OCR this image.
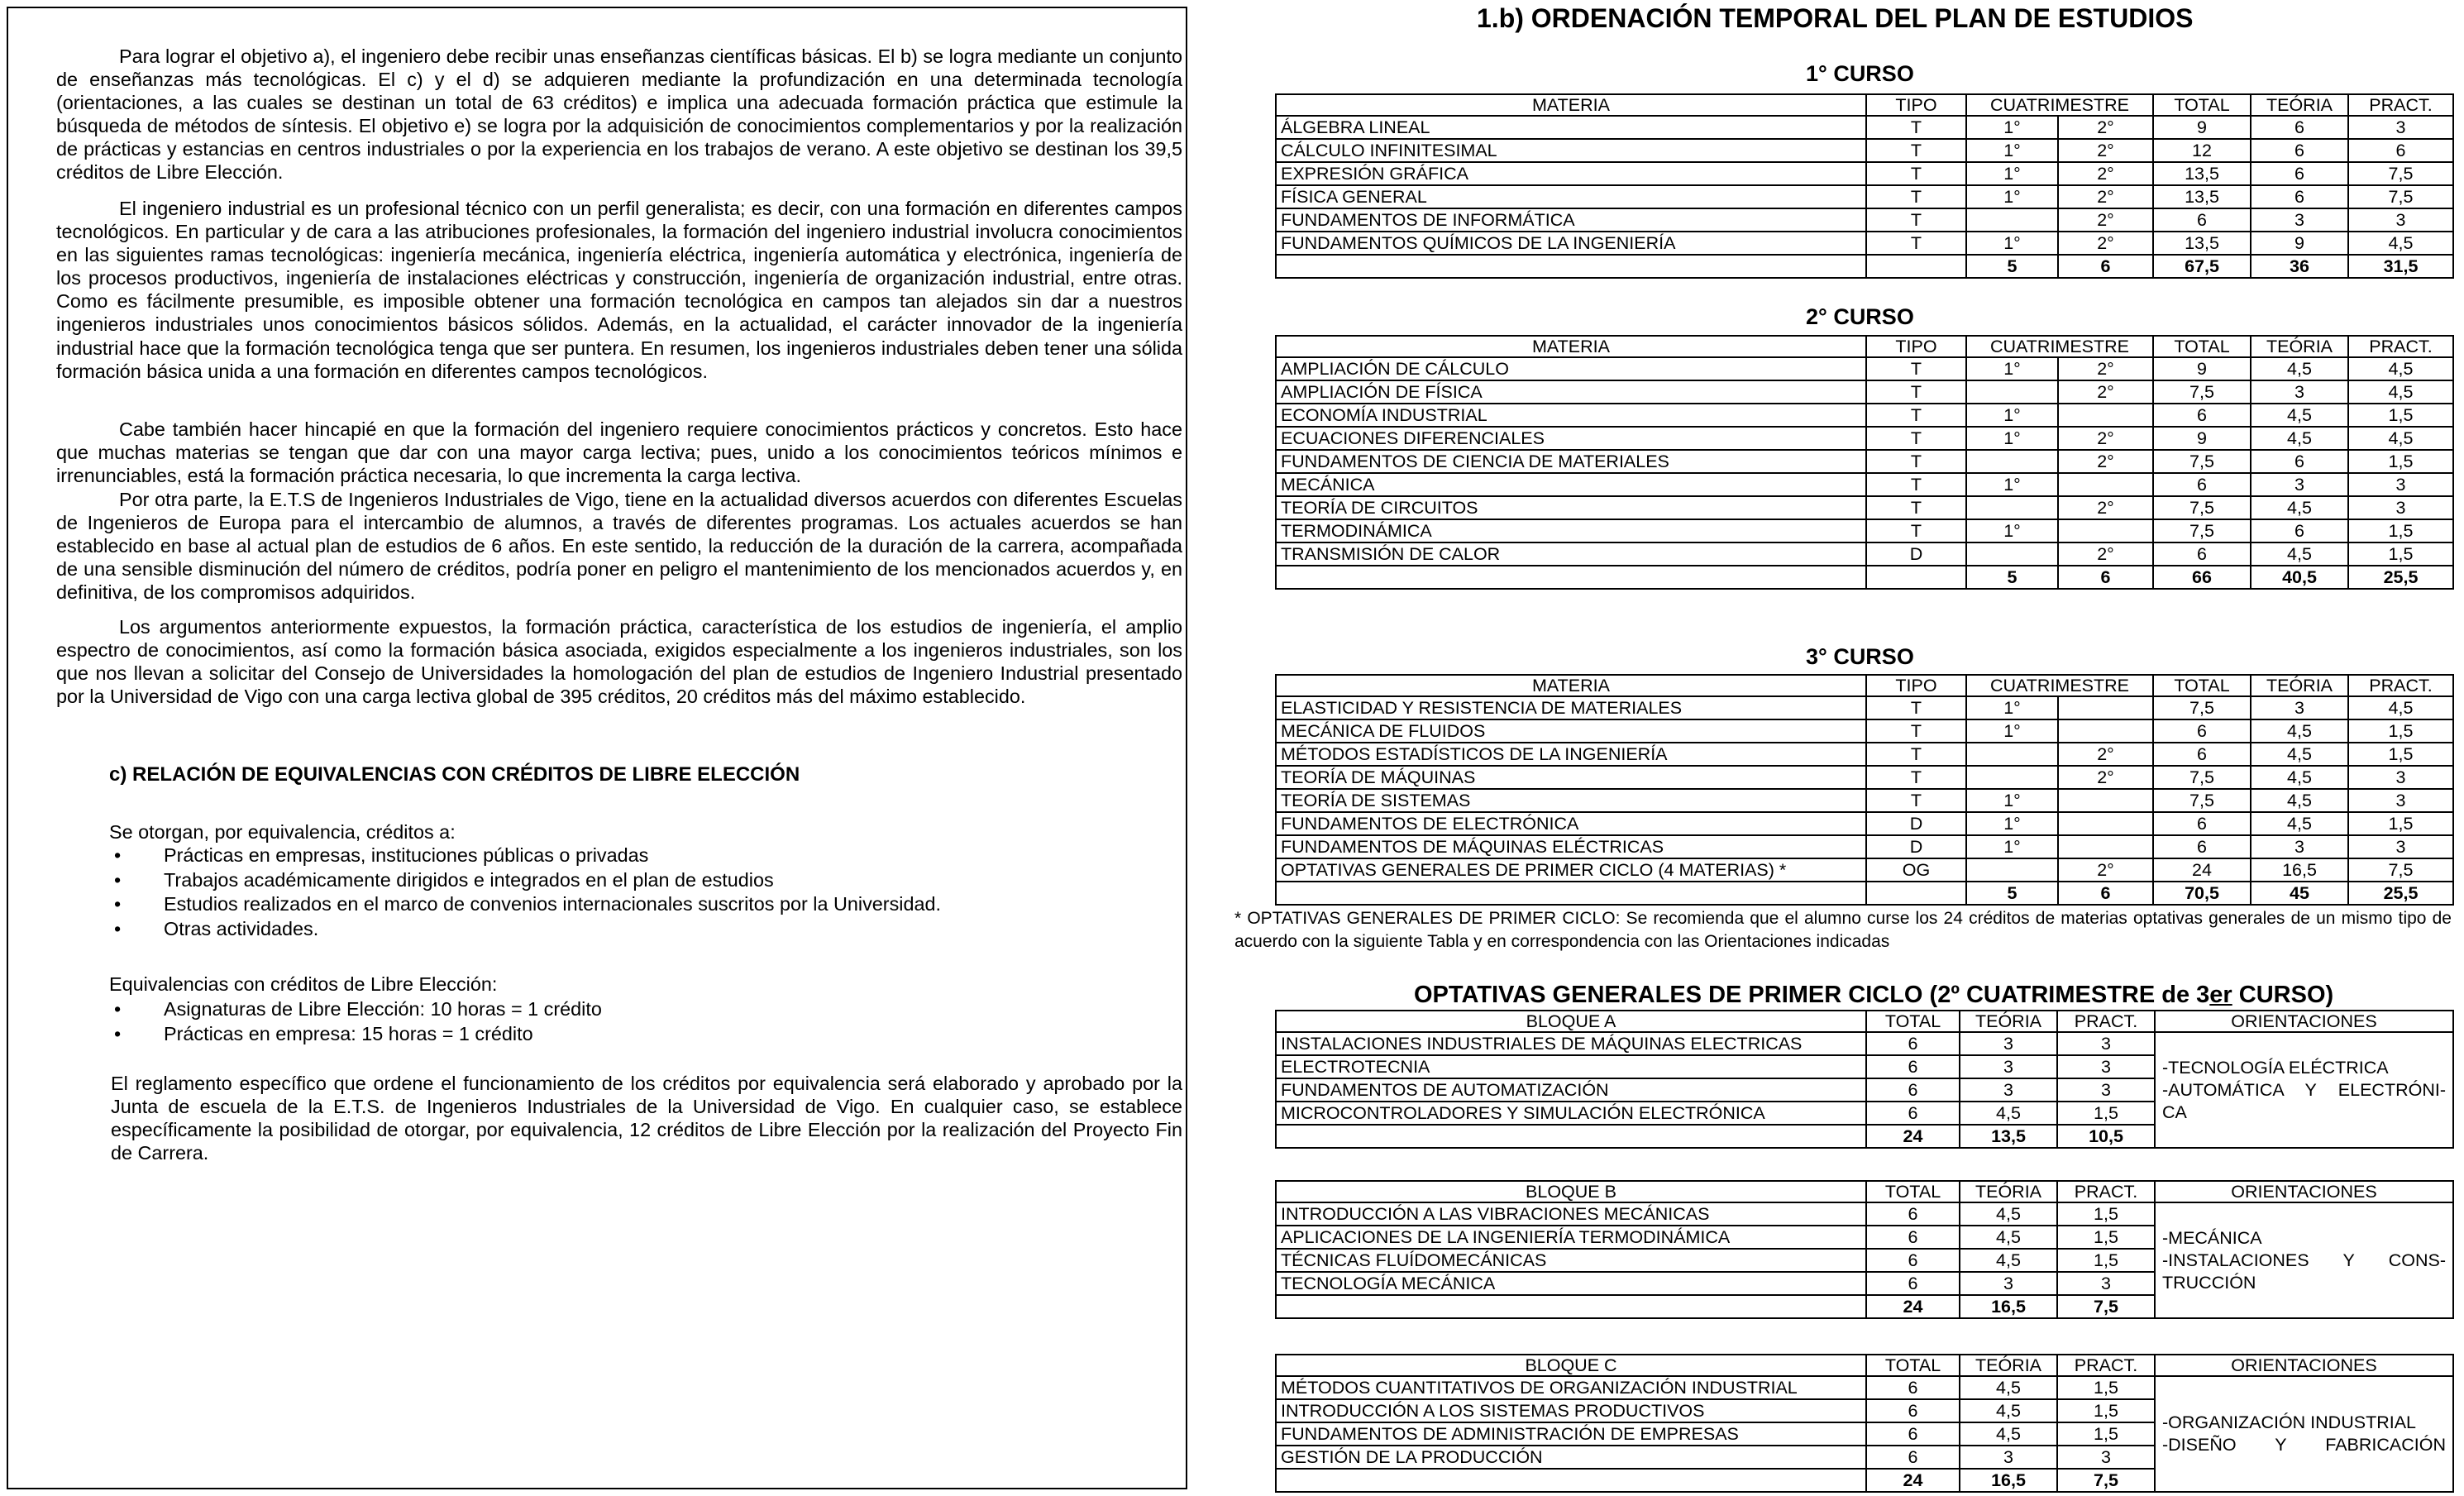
Para lograr el objetivo a), el ingeniero debe recibir unas enseñanzas científicas básicas. El b) se logra mediante un conjunto de enseñanzas más tecnológicas. El c) y el d) se adquieren mediante la profundización en una determinada tecnología (orientaciones, a las cuales se destinan un total de 63 créditos) e implica una adecuada formación práctica que estimule la búsqueda de métodos de síntesis. El objetivo e) se logra por la adquisición de conocimientos complementarios y por la realización de prácticas y estancias en centros industriales o por la experiencia en los trabajos de verano. A este objetivo se destinan los 39,5 créditos de Libre Elección.

El ingeniero industrial es un profesional técnico con un perfil generalista; es decir, con una formación en diferentes campos tecnológicos. En particular y de cara a las atribuciones profesionales, la formación del ingeniero industrial involucra conocimientos en las siguientes ramas tecnológicas: ingeniería mecánica, ingeniería eléctrica, ingeniería automática y electrónica, ingeniería de los procesos productivos, ingeniería de instalaciones eléctricas y construcción, ingeniería de organización industrial, entre otras. Como es fácilmente presumible, es imposible obtener una formación tecnológica en campos tan alejados sin dar a nuestros ingenieros industriales unos conocimientos básicos sólidos. Además, en la actualidad, el carácter innovador de la ingeniería industrial hace que la formación tecnológica tenga que ser puntera. En resumen, los ingenieros industriales deben tener una sólida formación básica unida a una formación en diferentes campos tecnológicos.

Cabe también hacer hincapié en que la formación del ingeniero requiere conocimientos prácticos y concretos. Esto hace que muchas materias se tengan que dar con una mayor carga lectiva; pues, unido a los conocimientos teóricos mínimos e irrenunciables, está la formación práctica necesaria, lo que incrementa la carga lectiva.

Por otra parte, la E.T.S de Ingenieros Industriales de Vigo, tiene en la actualidad diversos acuerdos con diferentes Escuelas de Ingenieros de Europa para el intercambio de alumnos, a través de diferentes programas. Los actuales acuerdos se han establecido en base al actual plan de estudios de 6 años. En este sentido, la reducción de la duración de la carrera, acompañada de una sensible disminución del número de créditos, podría poner en peligro el mantenimiento de los mencionados acuerdos y, en definitiva, de los compromisos adquiridos.

Los argumentos anteriormente expuestos, la formación práctica, característica de los estudios de ingeniería, el amplio espectro de conocimientos, así como la formación básica asociada, exigidos especialmente a los ingenieros industriales, son los que nos llevan a solicitar del Consejo de Universidades la homologación del plan de estudios de Ingeniero Industrial presentado por la Universidad de Vigo con una carga lectiva global de 395 créditos, 20 créditos más del máximo establecido.

c) RELACIÓN DE EQUIVALENCIAS CON CRÉDITOS DE LIBRE ELECCIÓN

Se otorgan, por equivalencia, créditos a:

• Prácticas en empresas, instituciones públicas o privadas
• Trabajos académicamente dirigidos e integrados en el plan de estudios
• Estudios realizados en el marco de convenios internacionales suscritos por la Universidad.
• Otras actividades.

Equivalencias con créditos de Libre Elección:

• Asignaturas de Libre Elección: 10 horas = 1 crédito
• Prácticas en empresa: 15 horas = 1 crédito

El reglamento específico que ordene el funcionamiento de los créditos por equivalencia será elaborado y aprobado por la Junta de escuela de la E.T.S. de Ingenieros Industriales de la Universidad de Vigo. En cualquier caso, se establece específicamente la posibilidad de otorgar, por equivalencia, 12 créditos de Libre Elección por la realización del Proyecto Fin de Carrera.

1.b) ORDENACIÓN TEMPORAL DEL PLAN DE ESTUDIOS

1° CURSO

MATERIA	TIPO	CUATRIMESTRE		TOTAL	TEÓRIA	PRACT.
ÁLGEBRA LINEAL	T	1°	2°	9	6	3
CÁLCULO INFINITESIMAL	T	1°	2°	12	6	6
EXPRESIÓN GRÁFICA	T	1°	2°	13,5	6	7,5
FÍSICA GENERAL	T	1°	2°	13,5	6	7,5
FUNDAMENTOS DE INFORMÁTICA	T		2°	6	3	3
FUNDAMENTOS QUÍMICOS DE LA INGENIERÍA	T	1°	2°	13,5	9	4,5
		5	6	67,5	36	31,5

2° CURSO

MATERIA	TIPO	CUATRIMESTRE		TOTAL	TEÓRIA	PRACT.
AMPLIACIÓN DE CÁLCULO	T	1°	2°	9	4,5	4,5
AMPLIACIÓN DE FÍSICA	T		2°	7,5	3	4,5
ECONOMÍA INDUSTRIAL	T	1°		6	4,5	1,5
ECUACIONES DIFERENCIALES	T	1°	2°	9	4,5	4,5
FUNDAMENTOS DE CIENCIA DE MATERIALES	T		2°	7,5	6	1,5
MECÁNICA	T	1°		6	3	3
TEORÍA DE CIRCUITOS	T		2°	7,5	4,5	3
TERMODINÁMICA	T	1°		7,5	6	1,5
TRANSMISIÓN DE CALOR	D		2°	6	4,5	1,5
		5	6	66	40,5	25,5

3° CURSO

MATERIA	TIPO	CUATRIMESTRE		TOTAL	TEÓRIA	PRACT.
ELASTICIDAD Y RESISTENCIA DE MATERIALES	T	1°		7,5	3	4,5
MECÁNICA DE FLUIDOS	T	1°		6	4,5	1,5
MÉTODOS ESTADÍSTICOS DE LA INGENIERÍA	T		2°	6	4,5	1,5
TEORÍA DE MÁQUINAS	T		2°	7,5	4,5	3
TEORÍA DE SISTEMAS	T	1°		7,5	4,5	3
FUNDAMENTOS DE ELECTRÓNICA	D	1°		6	4,5	1,5
FUNDAMENTOS DE MÁQUINAS ELÉCTRICAS	D	1°		6	3	3
OPTATIVAS GENERALES DE PRIMER CICLO (4 MATERIAS) *	OG		2°	24	16,5	7,5
		5	6	70,5	45	25,5

* OPTATIVAS GENERALES DE PRIMER CICLO: Se recomienda que el alumno curse los 24 créditos de materias optativas generales de un mismo tipo de acuerdo con la siguiente Tabla y en correspondencia con las Orientaciones indicadas

OPTATIVAS GENERALES DE PRIMER CICLO (2º CUATRIMESTRE de 3er CURSO)

BLOQUE A	TOTAL	TEÓRIA	PRACT.	ORIENTACIONES
INSTALACIONES INDUSTRIALES DE MÁQUINAS ELECTRICAS	6	3	3	-TECNOLOGÍA ELÉCTRICA
-AUTOMÁTICA Y ELECTRÓNI-
CA

ELECTROTECNIA	6	3	3	
FUNDAMENTOS DE AUTOMATIZACIÓN	6	3	3	
MICROCONTROLADORES Y SIMULACIÓN ELECTRÓNICA	6	4,5	1,5	
	24	13,5	10,5	
BLOQUE B	TOTAL	TEÓRIA	PRACT.	ORIENTACIONES
INTRODUCCIÓN A LAS VIBRACIONES MECÁNICAS	6	4,5	1,5	-MECÁNICA
-INSTALACIONES Y CONS-
TRUCCIÓN

APLICACIONES DE LA INGENIERÍA TERMODINÁMICA	6	4,5	1,5	
TÉCNICAS FLUÍDOMECÁNICAS	6	4,5	1,5	
TECNOLOGÍA MECÁNICA	6	3	3	
	24	16,5	7,5	
BLOQUE C	TOTAL	TEÓRIA	PRACT.	ORIENTACIONES
MÉTODOS CUANTITATIVOS DE ORGANIZACIÓN INDUSTRIAL	6	4,5	1,5	-ORGANIZACIÓN INDUSTRIAL
-DISEÑO Y FABRICACIÓN

INTRODUCCIÓN A LOS SISTEMAS PRODUCTIVOS	6	4,5	1,5	
FUNDAMENTOS DE ADMINISTRACIÓN DE EMPRESAS	6	4,5	1,5	
GESTIÓN DE LA PRODUCCIÓN	6	3	3	
	24	16,5	7,5	
